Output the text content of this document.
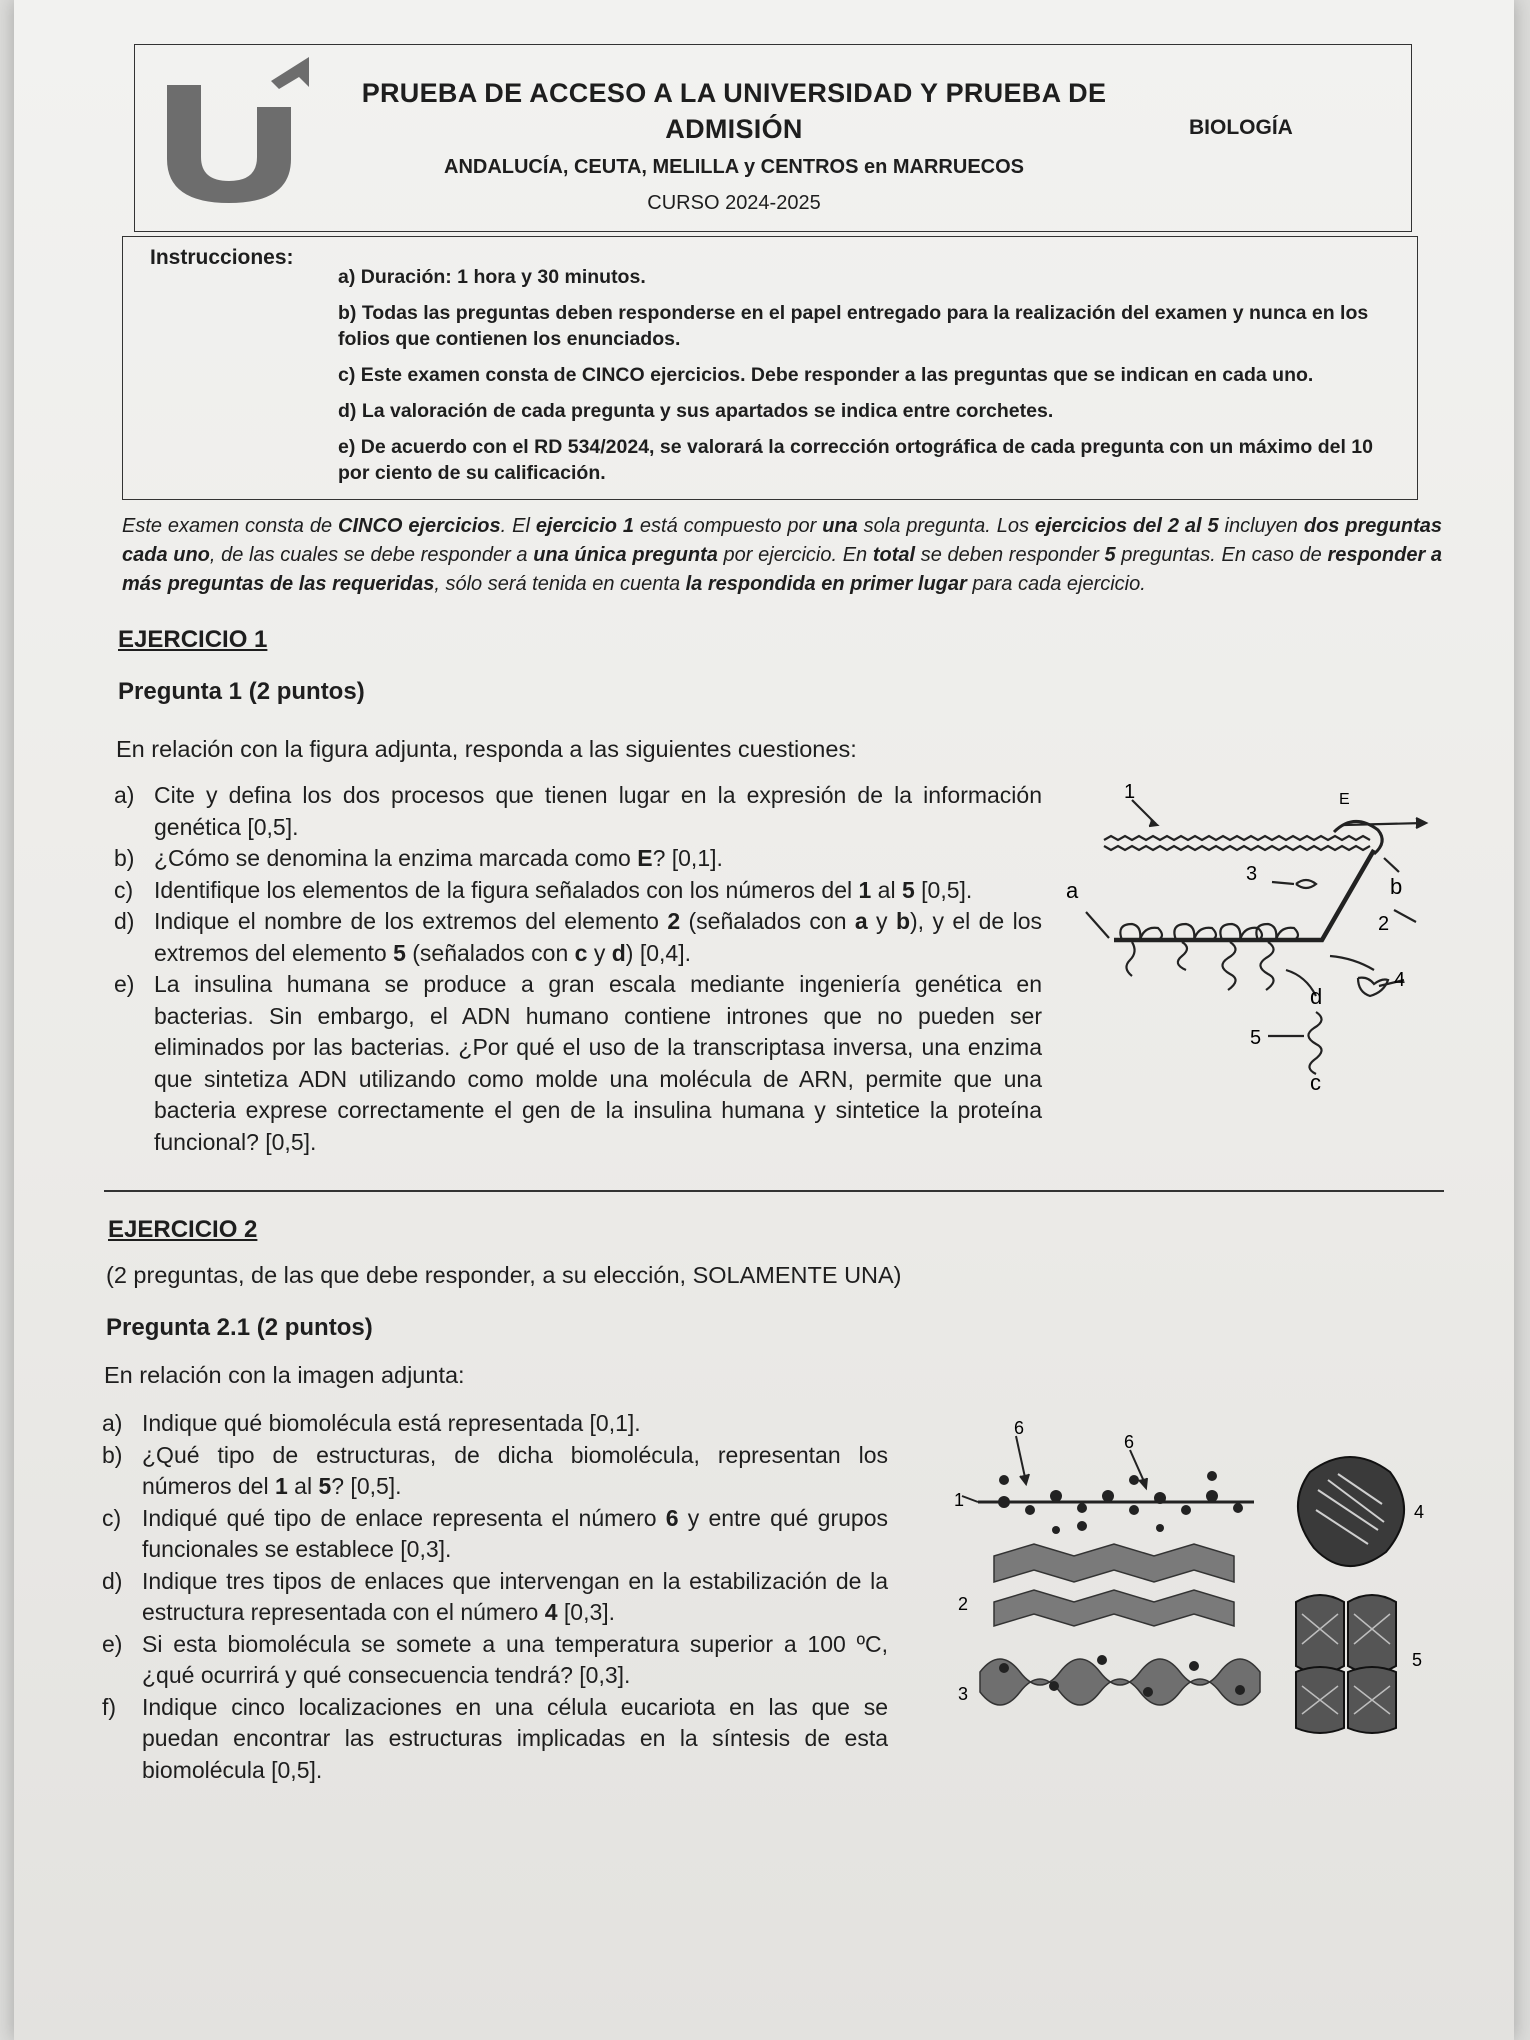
PRUEBA DE ACCESO A LA UNIVERSIDAD Y PRUEBA DE
ADMISIÓN
ANDALUCÍA, CEUTA, MELILLA y CENTROS en MARRUECOS
CURSO 2024-2025
BIOLOGÍA
Instrucciones:
a) Duración: 1 hora y 30 minutos.
b) Todas las preguntas deben responderse en el papel entregado para la realización del examen y nunca en los folios que contienen los enunciados.
c) Este examen consta de CINCO ejercicios. Debe responder a las preguntas que se indican en cada uno.
d) La valoración de cada pregunta y sus apartados se indica entre corchetes.
e) De acuerdo con el RD 534/2024, se valorará la corrección ortográfica de cada pregunta con un máximo del 10 por ciento de su calificación.
Este examen consta de CINCO ejercicios. El ejercicio 1 está compuesto por una sola pregunta. Los ejercicios del 2 al 5 incluyen dos preguntas cada uno, de las cuales se debe responder a una única pregunta por ejercicio. En total se deben responder 5 preguntas. En caso de responder a más preguntas de las requeridas, sólo será tenida en cuenta la respondida en primer lugar para cada ejercicio.
EJERCICIO 1
Pregunta 1 (2 puntos)
En relación con la figura adjunta, responda a las siguientes cuestiones:
a) Cite y defina los dos procesos que tienen lugar en la expresión de la información genética [0,5].
b) ¿Cómo se denomina la enzima marcada como E? [0,1].
c) Identifique los elementos de la figura señalados con los números del 1 al 5 [0,5].
d) Indique el nombre de los extremos del elemento 2 (señalados con a y b), y el de los extremos del elemento 5 (señalados con c y d) [0,4].
e) La insulina humana se produce a gran escala mediante ingeniería genética en bacterias. Sin embargo, el ADN humano contiene intrones que no pueden ser eliminados por las bacterias. ¿Por qué el uso de la transcriptasa inversa, una enzima que sintetiza ADN utilizando como molde una molécula de ARN, permite que una bacteria exprese correctamente el gen de la insulina humana y sintetice la proteína funcional? [0,5].
1	E
3
a	b
2
4
d
5
c
EJERCICIO 2
(2 preguntas, de las que debe responder, a su elección, SOLAMENTE UNA)
Pregunta 2.1 (2 puntos)
En relación con la imagen adjunta:
a) Indique qué biomolécula está representada [0,1].
b) ¿Qué tipo de estructuras, de dicha biomolécula, representan los números del 1 al 5? [0,5].
c) Indiqué qué tipo de enlace representa el número 6 y entre qué grupos funcionales se establece [0,3].
d) Indique tres tipos de enlaces que intervengan en la estabilización de la estructura representada con el número 4 [0,3].
e) Si esta biomolécula se somete a una temperatura superior a 100 ºC, ¿qué ocurrirá y qué consecuencia tendrá? [0,3].
f) Indique cinco localizaciones en una célula eucariota en las que se puedan encontrar las estructuras implicadas en la síntesis de esta biomolécula [0,5].
6
6
1
2
3
4
5
